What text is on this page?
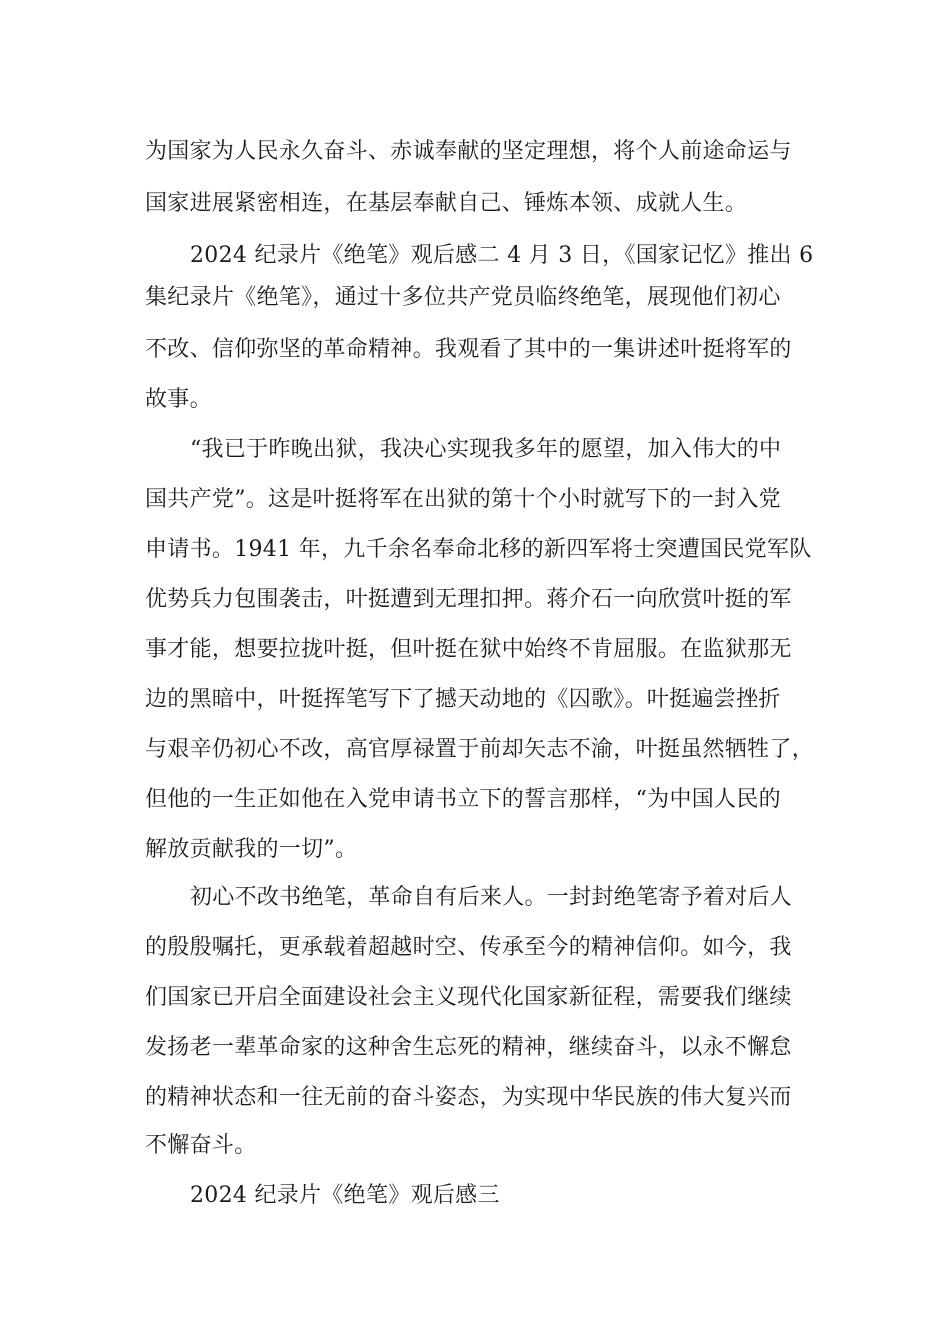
为国家为人民永久奋斗、赤诚奉献的坚定理想，将个人前途命运与
国家进展紧密相连，在基层奉献自己、锤炼本领、成就人生。
2024 纪录片《绝笔》观后感二 4 月 3 日，《国家记忆》推出 6
集纪录片《绝笔》，通过十多位共产党员临终绝笔，展现他们初心
不改、信仰弥坚的革命精神。我观看了其中的一集讲述叶挺将军的
故事。
“我已于昨晚出狱，我决心实现我多年的愿望，加入伟大的中
国共产党”。这是叶挺将军在出狱的第十个小时就写下的一封入党
申请书。1941 年，九千余名奉命北移的新四军将士突遭国民党军队
优势兵力包围袭击，叶挺遭到无理扣押。蒋介石一向欣赏叶挺的军
事才能，想要拉拢叶挺，但叶挺在狱中始终不肯屈服。在监狱那无
边的黑暗中，叶挺挥笔写下了撼天动地的《囚歌》。叶挺遍尝挫折
与艰辛仍初心不改，高官厚禄置于前却矢志不渝，叶挺虽然牺牲了，
但他的一生正如他在入党申请书立下的誓言那样，“为中国人民的
解放贡献我的一切”。
初心不改书绝笔，革命自有后来人。一封封绝笔寄予着对后人
的殷殷嘱托，更承载着超越时空、传承至今的精神信仰。如今，我
们国家已开启全面建设社会主义现代化国家新征程，需要我们继续
发扬老一辈革命家的这种舍生忘死的精神，继续奋斗，以永不懈怠
的精神状态和一往无前的奋斗姿态，为实现中华民族的伟大复兴而
不懈奋斗。
2024 纪录片《绝笔》观后感三
